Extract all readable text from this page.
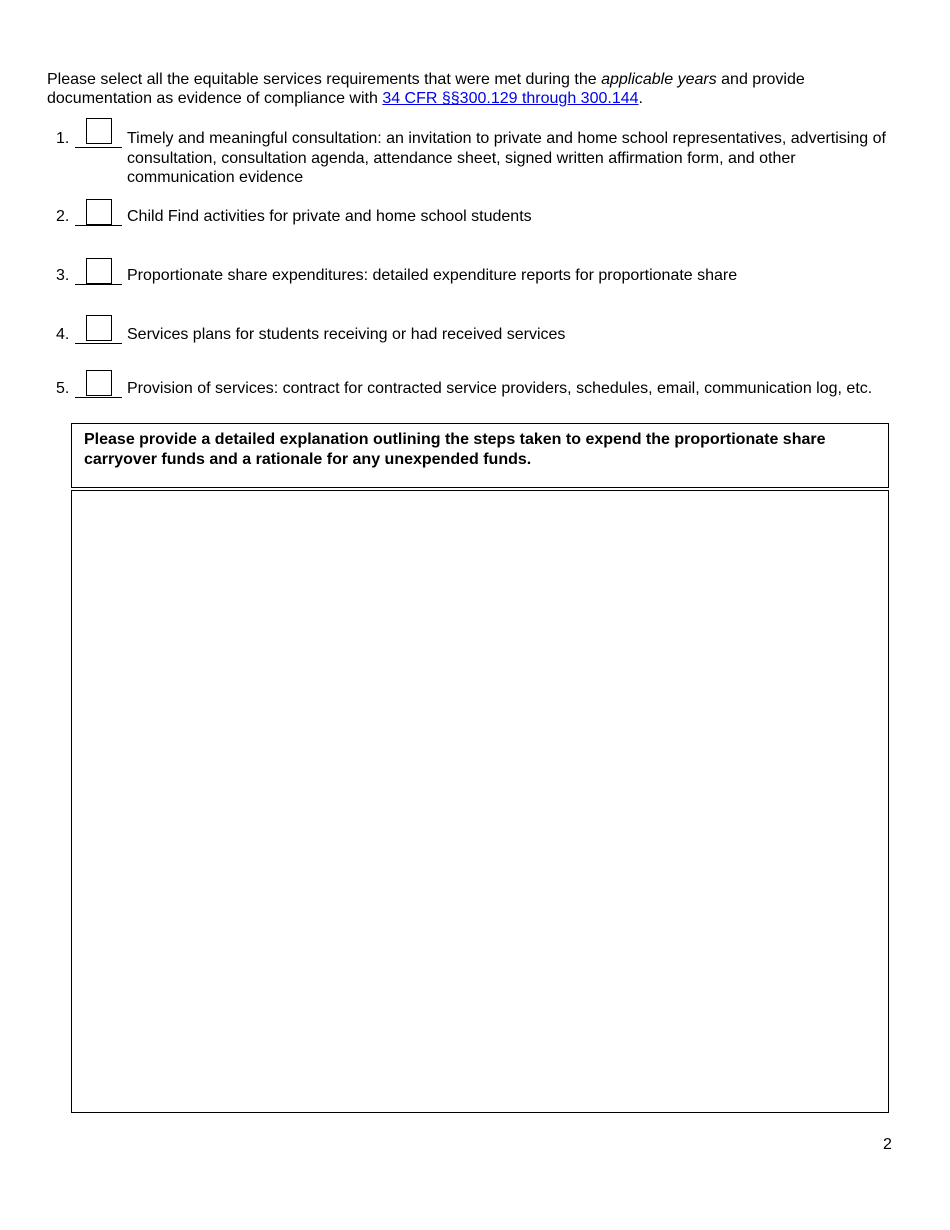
Please select all the equitable services requirements that were met during the applicable years and provide documentation as evidence of compliance with 34 CFR §§300.129 through 300.144.
1.	Timely and meaningful consultation: an invitation to private and home school representatives, advertising of consultation, consultation agenda, attendance sheet, signed written affirmation form, and other communication evidence
2.	Child Find activities for private and home school students
3.	Proportionate share expenditures: detailed expenditure reports for proportionate share
4.	Services plans for students receiving or had received services
5.	Provision of services: contract for contracted service providers, schedules, email, communication log, etc.
Please provide a detailed explanation outlining the steps taken to expend the proportionate share carryover funds and a rationale for any unexpended funds.
2
